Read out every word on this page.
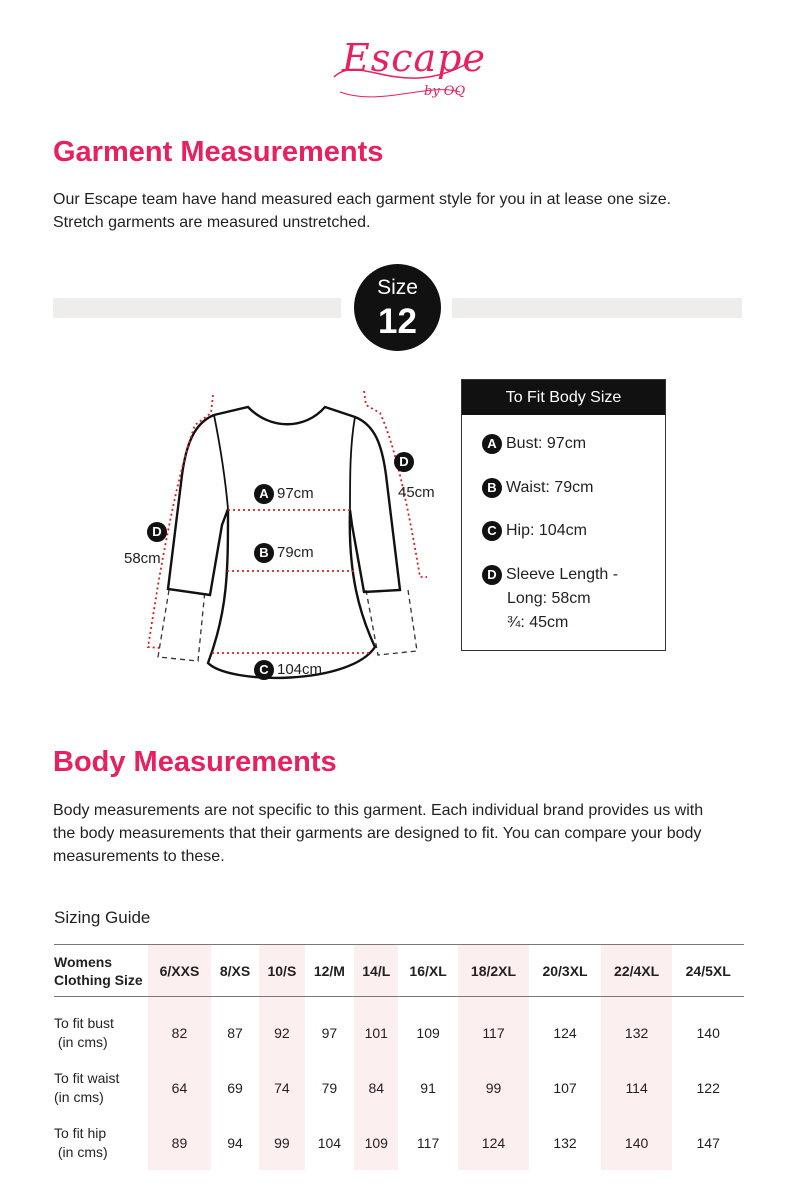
Escape
by OQ
Garment Measurements
Our Escape team have hand measured each garment style for you in at lease one size.
Stretch garments are measured unstretched.
Size
12
A 97cm
B 79cm
C 104cm
D
58cm
D
45cm
To Fit Body Size
A Bust: 97cm
B Waist: 79cm
C Hip: 104cm
D Sleeve Length -
Long: 58cm
¾: 45cm
Body Measurements
Body measurements are not specific to this garment. Each individual brand provides us with
the body measurements that their garments are designed to fit. You can compare your body
measurements to these.
Sizing Guide
Womens
Clothing Size	6/XXS	8/XS	10/S	12/M	14/L	16/XL	18/2XL	20/3XL	22/4XL	24/5XL

To fit bust
(in cms)	82	87	92	97	101	109	117	124	132	140

To fit waist
(in cms)	64	69	74	79	84	91	99	107	114	122

To fit hip
(in cms)	89	94	99	104	109	117	124	132	140	147
